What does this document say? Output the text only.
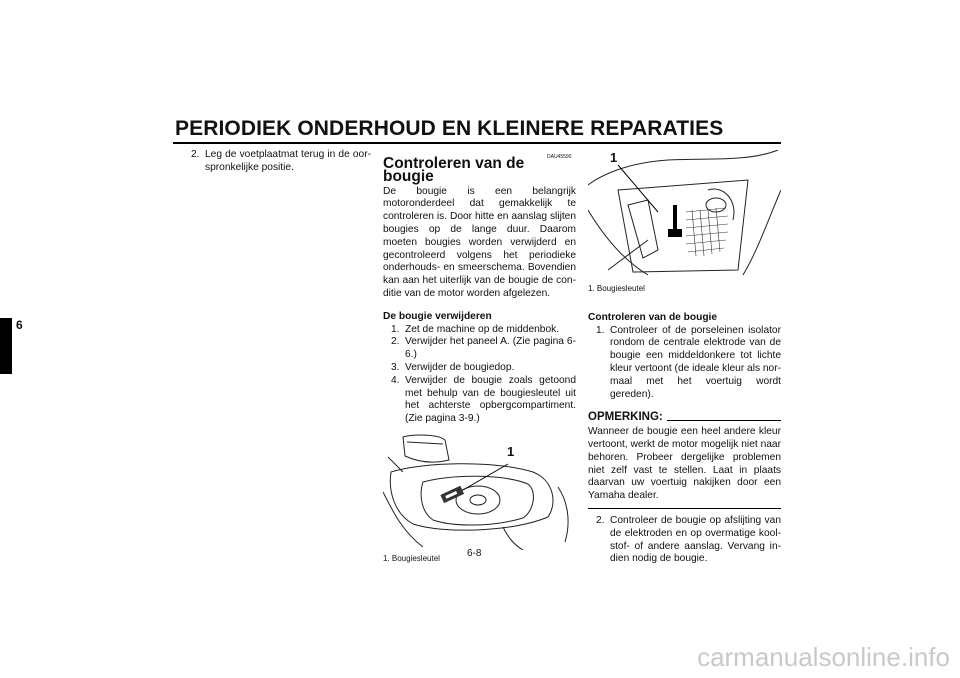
PERIODIEK ONDERHOUD EN KLEINERE REPARATIES
6
2. Leg de voetplaatmat terug in de oor-spronkelijke positie.
DAU45590
Controleren van de bougie
De bougie is een belangrijk motoronderdeel dat gemakkelijk te controleren is. Door hitte en aanslag slijten bougies op de lange duur. Daarom moeten bougies worden verwijderd en gecontroleerd volgens het periodieke onderhouds- en smeerschema. Bovendien kan aan het uiterlijk van de bougie de con-ditie van de motor worden afgelezen.
De bougie verwijderen
1. Zet de machine op de middenbok.
2. Verwijder het paneel A. (Zie pagina 6-6.)
3. Verwijder de bougiedop.
4. Verwijder de bougie zoals getoond met behulp van de bougiesleutel uit het achterste opbergcompartiment. (Zie pagina 3-9.)
1
1. Bougiesleutel
1
1. Bougiesleutel
Controleren van de bougie
1. Controleer of de porseleinen isolator rondom de centrale elektrode van de bougie een middeldonkere tot lichte kleur vertoont (de ideale kleur als nor-maal met het voertuig wordt gereden).
OPMERKING:
Wanneer de bougie een heel andere kleur vertoont, werkt de motor mogelijk niet naar behoren. Probeer dergelijke problemen niet zelf vast te stellen. Laat in plaats daarvan uw voertuig nakijken door een Yamaha dealer.
2. Controleer de bougie op afslijting van de elektroden en op overmatige kool-stof- of andere aanslag. Vervang in-dien nodig de bougie.
6-8
carmanualsonline.info
